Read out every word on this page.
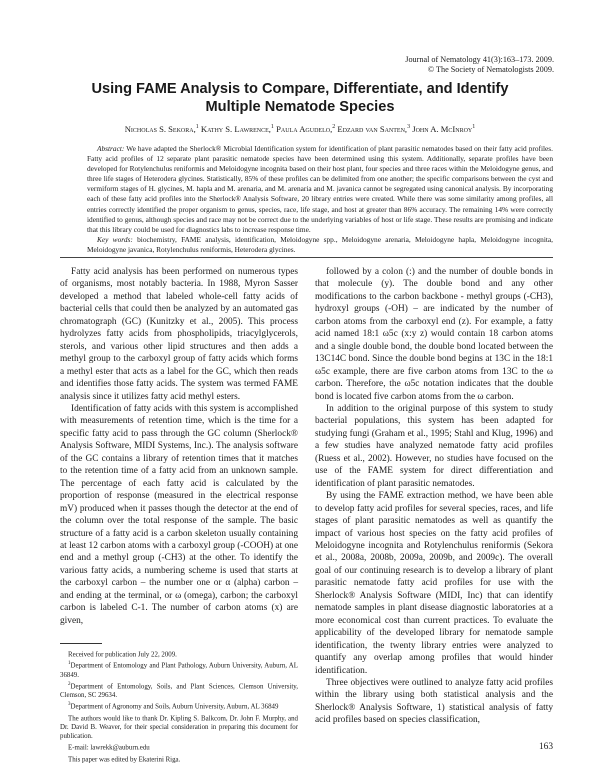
Journal of Nematology 41(3):163–173. 2009.
© The Society of Nematologists 2009.
Using FAME Analysis to Compare, Differentiate, and Identify
Multiple Nematode Species
Nicholas S. Sekora,$^1$ Kathy S. Lawrence,$^1$ Paula Agudelo,$^2$ Edzard van Santen,$^3$ John A. McInroy$^1$

Abstract: We have adapted the Sherlock® Microbial Identification system for identification of plant parasitic nematodes based on their fatty acid profiles. Fatty acid profiles of 12 separate plant parasitic nematode species have been determined using this system. Additionally, separate profiles have been developed for Rotylenchulus reniformis and Meloidogyne incognita based on their host plant, four species and three races within the Meloidogyne genus, and three life stages of Heterodera glycines. Statistically, 85% of these profiles can be delimited from one another; the specific comparisons between the cyst and vermiform stages of H. glycines, M. hapla and M. arenaria, and M. arenaria and M. javanica cannot be segregated using canonical analysis. By incorporating each of these fatty acid profiles into the Sherlock® Analysis Software, 20 library entries were created. While there was some similarity among profiles, all entries correctly identified the proper organism to genus, species, race, life stage, and host at greater than 86% accuracy. The remaining 14% were correctly identified to genus, although species and race may not be correct due to the underlying variables of host or life stage. These results are promising and indicate that this library could be used for diagnostics labs to increase response time.

Key words: biochemistry, FAME analysis, identification, Meloidogyne spp., Meloidogyne arenaria, Meloidogyne hapla, Meloidogyne incognita, Meloidogyne javanica, Rotylenchulus reniformis, Heterodera glycines.

Fatty acid analysis has been performed on numerous types of organisms, most notably bacteria. In 1988, Myron Sasser developed a method that labeled whole-cell fatty acids of bacterial cells that could then be analyzed by an automated gas chromatograph (GC) (Kunitzky et al., 2005). This process hydrolyzes fatty acids from phospholipids, triacylglycerols, sterols, and various other lipid structures and then adds a methyl group to the carboxyl group of fatty acids which forms a methyl ester that acts as a label for the GC, which then reads and identifies those fatty acids. The system was termed FAME analysis since it utilizes fatty acid methyl esters.

Identification of fatty acids with this system is accomplished with measurements of retention time, which is the time for a specific fatty acid to pass through the GC column (Sherlock® Analysis Software, MIDI Systems, Inc.). The analysis software of the GC contains a library of retention times that it matches to the retention time of a fatty acid from an unknown sample. The percentage of each fatty acid is calculated by the proportion of response (measured in the electrical response mV) produced when it passes though the detector at the end of the column over the total response of the sample. The basic structure of a fatty acid is a carbon skeleton usually containing at least 12 carbon atoms with a carboxyl group (-COOH) at one end and a methyl group (-CH3) at the other. To identify the various fatty acids, a numbering scheme is used that starts at the carboxyl carbon – the number one or α (alpha) carbon – and ending at the terminal, or ω (omega), carbon; the carboxyl carbon is labeled C-1. The number of carbon atoms (x) are given,

followed by a colon (:) and the number of double bonds in that molecule (y). The double bond and any other modifications to the carbon backbone - methyl groups (-CH3), hydroxyl groups (-OH) – are indicated by the number of carbon atoms from the carboxyl end (z). For example, a fatty acid named 18:1 ω5c (x:y z) would contain 18 carbon atoms and a single double bond, the double bond located between the 13C14C bond. Since the double bond begins at 13C in the 18:1 ω5c example, there are five carbon atoms from 13C to the ω carbon. Therefore, the ω5c notation indicates that the double bond is located five carbon atoms from the ω carbon.

In addition to the original purpose of this system to study bacterial populations, this system has been adapted for studying fungi (Graham et al., 1995; Stahl and Klug, 1996) and a few studies have analyzed nematode fatty acid profiles (Ruess et al., 2002). However, no studies have focused on the use of the FAME system for direct differentiation and identification of plant parasitic nematodes.

By using the FAME extraction method, we have been able to develop fatty acid profiles for several species, races, and life stages of plant parasitic nematodes as well as quantify the impact of various host species on the fatty acid profiles of Meloidogyne incognita and Rotylenchulus reniformis (Sekora et al., 2008a, 2008b, 2009a, 2009b, and 2009c). The overall goal of our continuing research is to develop a library of plant parasitic nematode fatty acid profiles for use with the Sherlock® Analysis Software (MIDI, Inc) that can identify nematode samples in plant disease diagnostic laboratories at a more economical cost than current practices. To evaluate the applicability of the developed library for nematode sample identification, the twenty library entries were analyzed to quantify any overlap among profiles that would hinder identification.

Three objectives were outlined to analyze fatty acid profiles within the library using both statistical analysis and the Sherlock® Analysis Software, 1) statistical analysis of fatty acid profiles based on species classification,

Received for publication July 22, 2009.

$^1$Department of Entomology and Plant Pathology, Auburn University, Auburn, AL 36849.

$^2$Department of Entomology, Soils, and Plant Sciences, Clemson University, Clemson, SC 29634.

$^3$Department of Agronomy and Soils, Auburn University, Auburn, AL 36849

The authors would like to thank Dr. Kipling S. Balkcom, Dr. John F. Murphy, and Dr. David B. Weaver, for their special consideration in preparing this document for publication.

E-mail: lawrekk@auburn.edu

This paper was edited by Ekaterini Riga.

163
